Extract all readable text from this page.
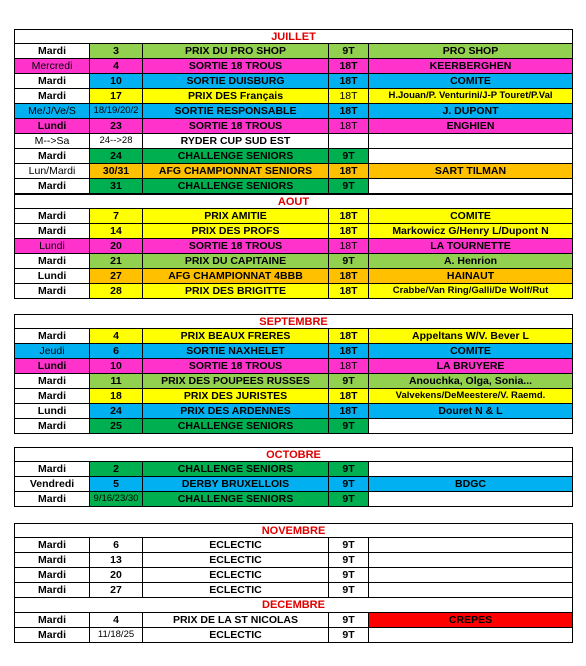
JUILLET
Mardi	3	PRIX DU PRO SHOP	9T	PRO SHOP
Mercredi	4	SORTIE 18 TROUS	18T	KEERBERGHEN
Mardi	10	SORTIE DUISBURG	18T	COMITE
Mardi	17	PRIX DES Français	18T	H.Jouan/P. Venturini/J-P Touret/P.Val
Me/J/Ve/S	18/19/20/2	SORTIE RESPONSABLE	18T	J. DUPONT
Lundi	23	SORTIE 18 TROUS	18T	ENGHIEN
M-->Sa	24-->28	RYDER CUP SUD EST
Mardi	24	CHALLENGE SENIORS	9T
Lun/Mardi	30/31	AFG CHAMPIONNAT SENIORS	18T	SART TILMAN
Mardi	31	CHALLENGE SENIORS	9T
AOUT
Mardi	7	PRIX AMITIE	18T	COMITE
Mardi	14	PRIX DES PROFS	18T	Markowicz G/Henry L/Dupont N
Lundi	20	SORTIE 18 TROUS	18T	LA TOURNETTE
Mardi	21	PRIX DU CAPITAINE	9T	A. Henrion
Lundi	27	AFG CHAMPIONNAT 4BBB	18T	HAINAUT
Mardi	28	PRIX DES BRIGITTE	18T	Crabbe/Van Ring/Galli/De Wolf/Rut
SEPTEMBRE
Mardi	4	PRIX BEAUX FRERES	18T	Appeltans W/V. Bever L
Jeudi	6	SORTIE NAXHELET	18T	COMITE
Lundi	10	SORTIE 18 TROUS	18T	LA BRUYERE
Mardi	11	PRIX DES POUPEES RUSSES	9T	Anouchka, Olga, Sonia...
Mardi	18	PRIX DES JURISTES	18T	Valvekens/DeMeestere/V. Raemd.
Lundi	24	PRIX DES ARDENNES	18T	Douret N & L
Mardi	25	CHALLENGE SENIORS	9T
OCTOBRE
Mardi	2	CHALLENGE SENIORS	9T
Vendredi	5	DERBY BRUXELLOIS	9T	BDGC
Mardi	9/16/23/30	CHALLENGE SENIORS	9T
NOVEMBRE
Mardi	6	ECLECTIC	9T
Mardi	13	ECLECTIC	9T
Mardi	20	ECLECTIC	9T
Mardi	27	ECLECTIC	9T
DECEMBRE
Mardi	4	PRIX DE LA ST NICOLAS	9T	CREPES
Mardi	11/18/25	ECLECTIC	9T
